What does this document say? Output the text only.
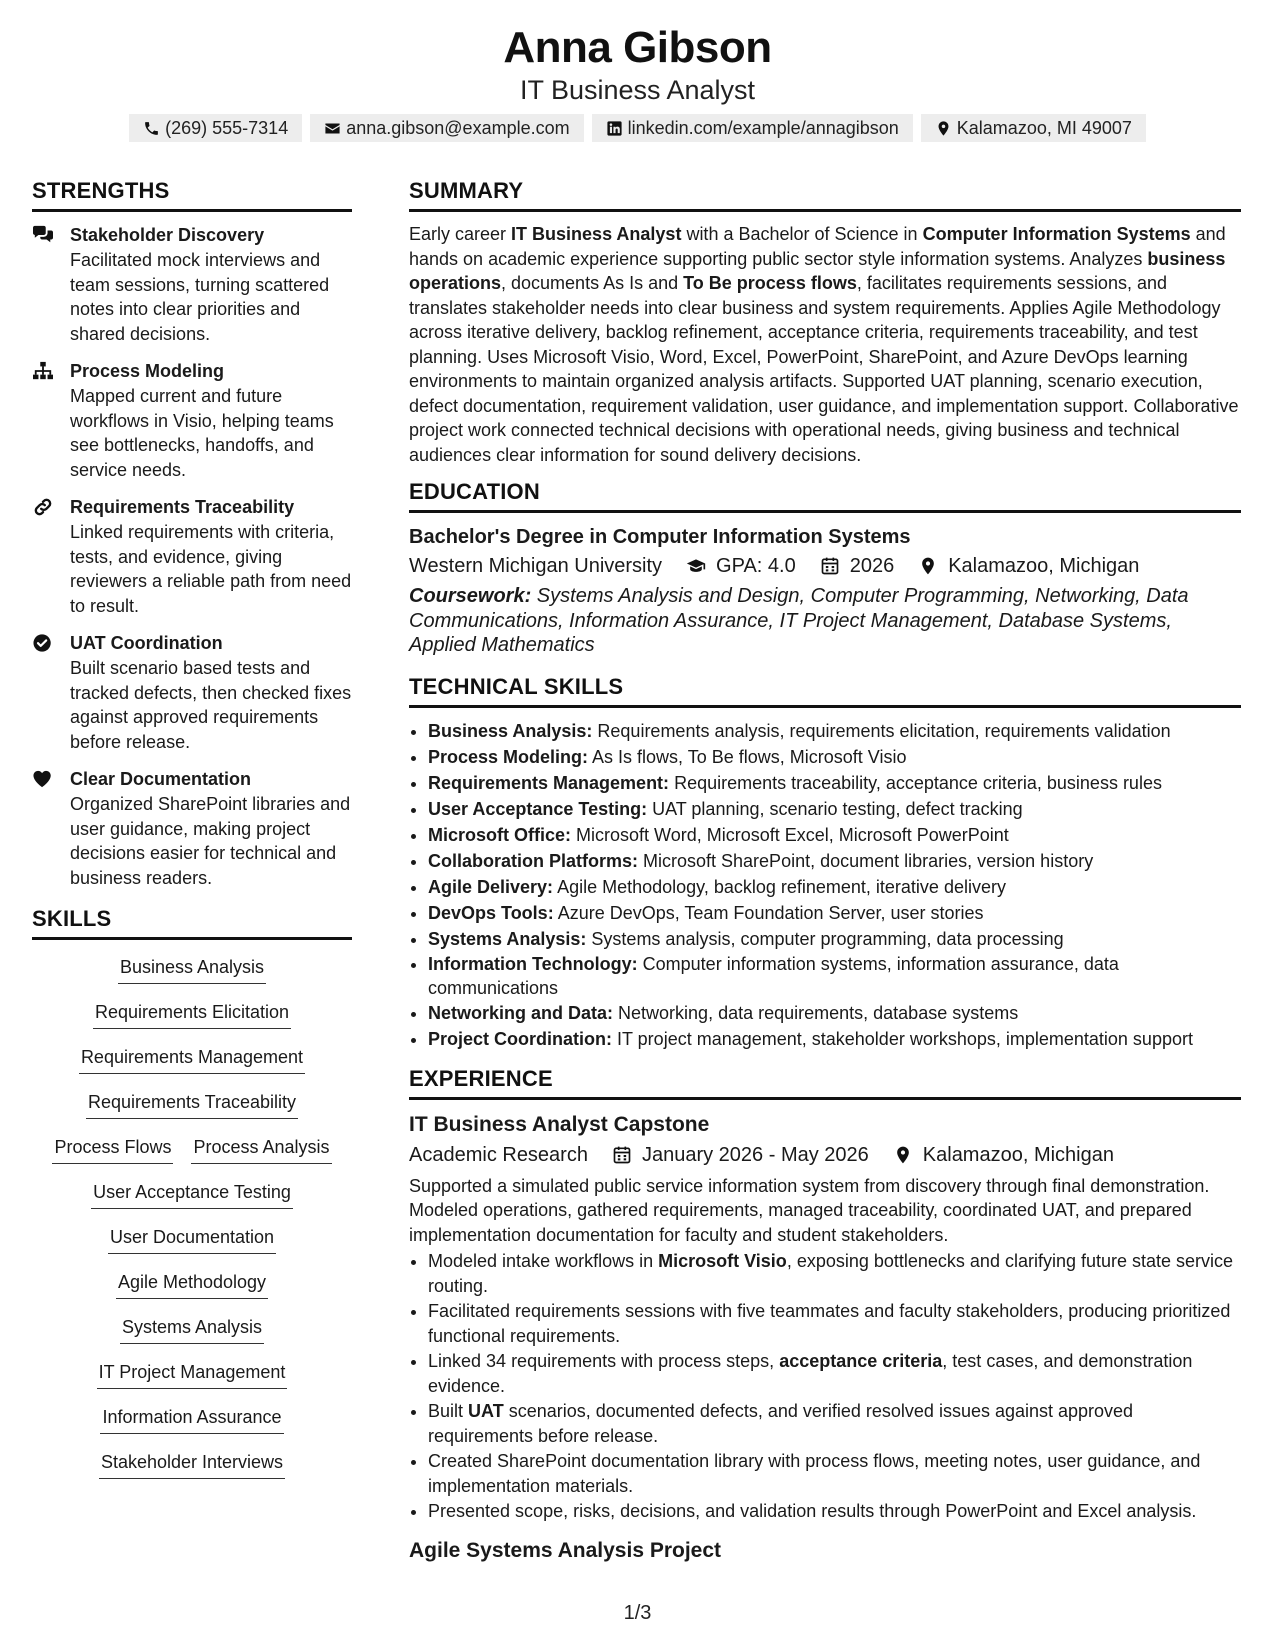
Anna Gibson
IT Business Analyst
(269) 555-7314	anna.gibson@example.com	linkedin.com/example/annagibson	Kalamazoo, MI 49007
STRENGTHS
Stakeholder Discovery
Facilitated mock interviews and team sessions, turning scattered notes into clear priorities and shared decisions.
Process Modeling
Mapped current and future workflows in Visio, helping teams see bottlenecks, handoffs, and service needs.
Requirements Traceability
Linked requirements with criteria, tests, and evidence, giving reviewers a reliable path from need to result.
UAT Coordination
Built scenario based tests and tracked defects, then checked fixes against approved requirements before release.
Clear Documentation
Organized SharePoint libraries and user guidance, making project decisions easier for technical and business readers.
SKILLS
Business Analysis
Requirements Elicitation
Requirements Management
Requirements Traceability
Process Flows Process Analysis
User Acceptance Testing
User Documentation
Agile Methodology
Systems Analysis
IT Project Management
Information Assurance
Stakeholder Interviews
SUMMARY

Early career IT Business Analyst with a Bachelor of Science in Computer Information Systems and hands on academic experience supporting public sector style information systems. Analyzes business operations, documents As Is and To Be process flows, facilitates requirements sessions, and translates stakeholder needs into clear business and system requirements. Applies Agile Methodology across iterative delivery, backlog refinement, acceptance criteria, requirements traceability, and test planning. Uses Microsoft Visio, Word, Excel, PowerPoint, SharePoint, and Azure DevOps learning environments to maintain organized analysis artifacts. Supported UAT planning, scenario execution, defect documentation, requirement validation, user guidance, and implementation support. Collaborative project work connected technical decisions with operational needs, giving business and technical audiences clear information for sound delivery decisions.

EDUCATION
Bachelor's Degree in Computer Information Systems
Western Michigan University	GPA: 4.0	2026	Kalamazoo, Michigan
Coursework: Systems Analysis and Design, Computer Programming, Networking, Data Communications, Information Assurance, IT Project Management, Database Systems, Applied Mathematics
TECHNICAL SKILLS
• Business Analysis: Requirements analysis, requirements elicitation, requirements validation
• Process Modeling: As Is flows, To Be flows, Microsoft Visio
• Requirements Management: Requirements traceability, acceptance criteria, business rules
• User Acceptance Testing: UAT planning, scenario testing, defect tracking
• Microsoft Office: Microsoft Word, Microsoft Excel, Microsoft PowerPoint
• Collaboration Platforms: Microsoft SharePoint, document libraries, version history
• Agile Delivery: Agile Methodology, backlog refinement, iterative delivery
• DevOps Tools: Azure DevOps, Team Foundation Server, user stories
• Systems Analysis: Systems analysis, computer programming, data processing
• Information Technology: Computer information systems, information assurance, data communications
• Networking and Data: Networking, data requirements, database systems
• Project Coordination: IT project management, stakeholder workshops, implementation support
EXPERIENCE
IT Business Analyst Capstone
Academic Research	January 2026 - May 2026	Kalamazoo, Michigan

Supported a simulated public service information system from discovery through final demonstration. Modeled operations, gathered requirements, managed traceability, coordinated UAT, and prepared implementation documentation for faculty and student stakeholders.

• Modeled intake workflows in Microsoft Visio, exposing bottlenecks and clarifying future state service routing.
• Facilitated requirements sessions with five teammates and faculty stakeholders, producing prioritized functional requirements.
• Linked 34 requirements with process steps, acceptance criteria, test cases, and demonstration evidence.
• Built UAT scenarios, documented defects, and verified resolved issues against approved requirements before release.
• Created SharePoint documentation library with process flows, meeting notes, user guidance, and implementation materials.
• Presented scope, risks, decisions, and validation results through PowerPoint and Excel analysis.
Agile Systems Analysis Project
1/3
